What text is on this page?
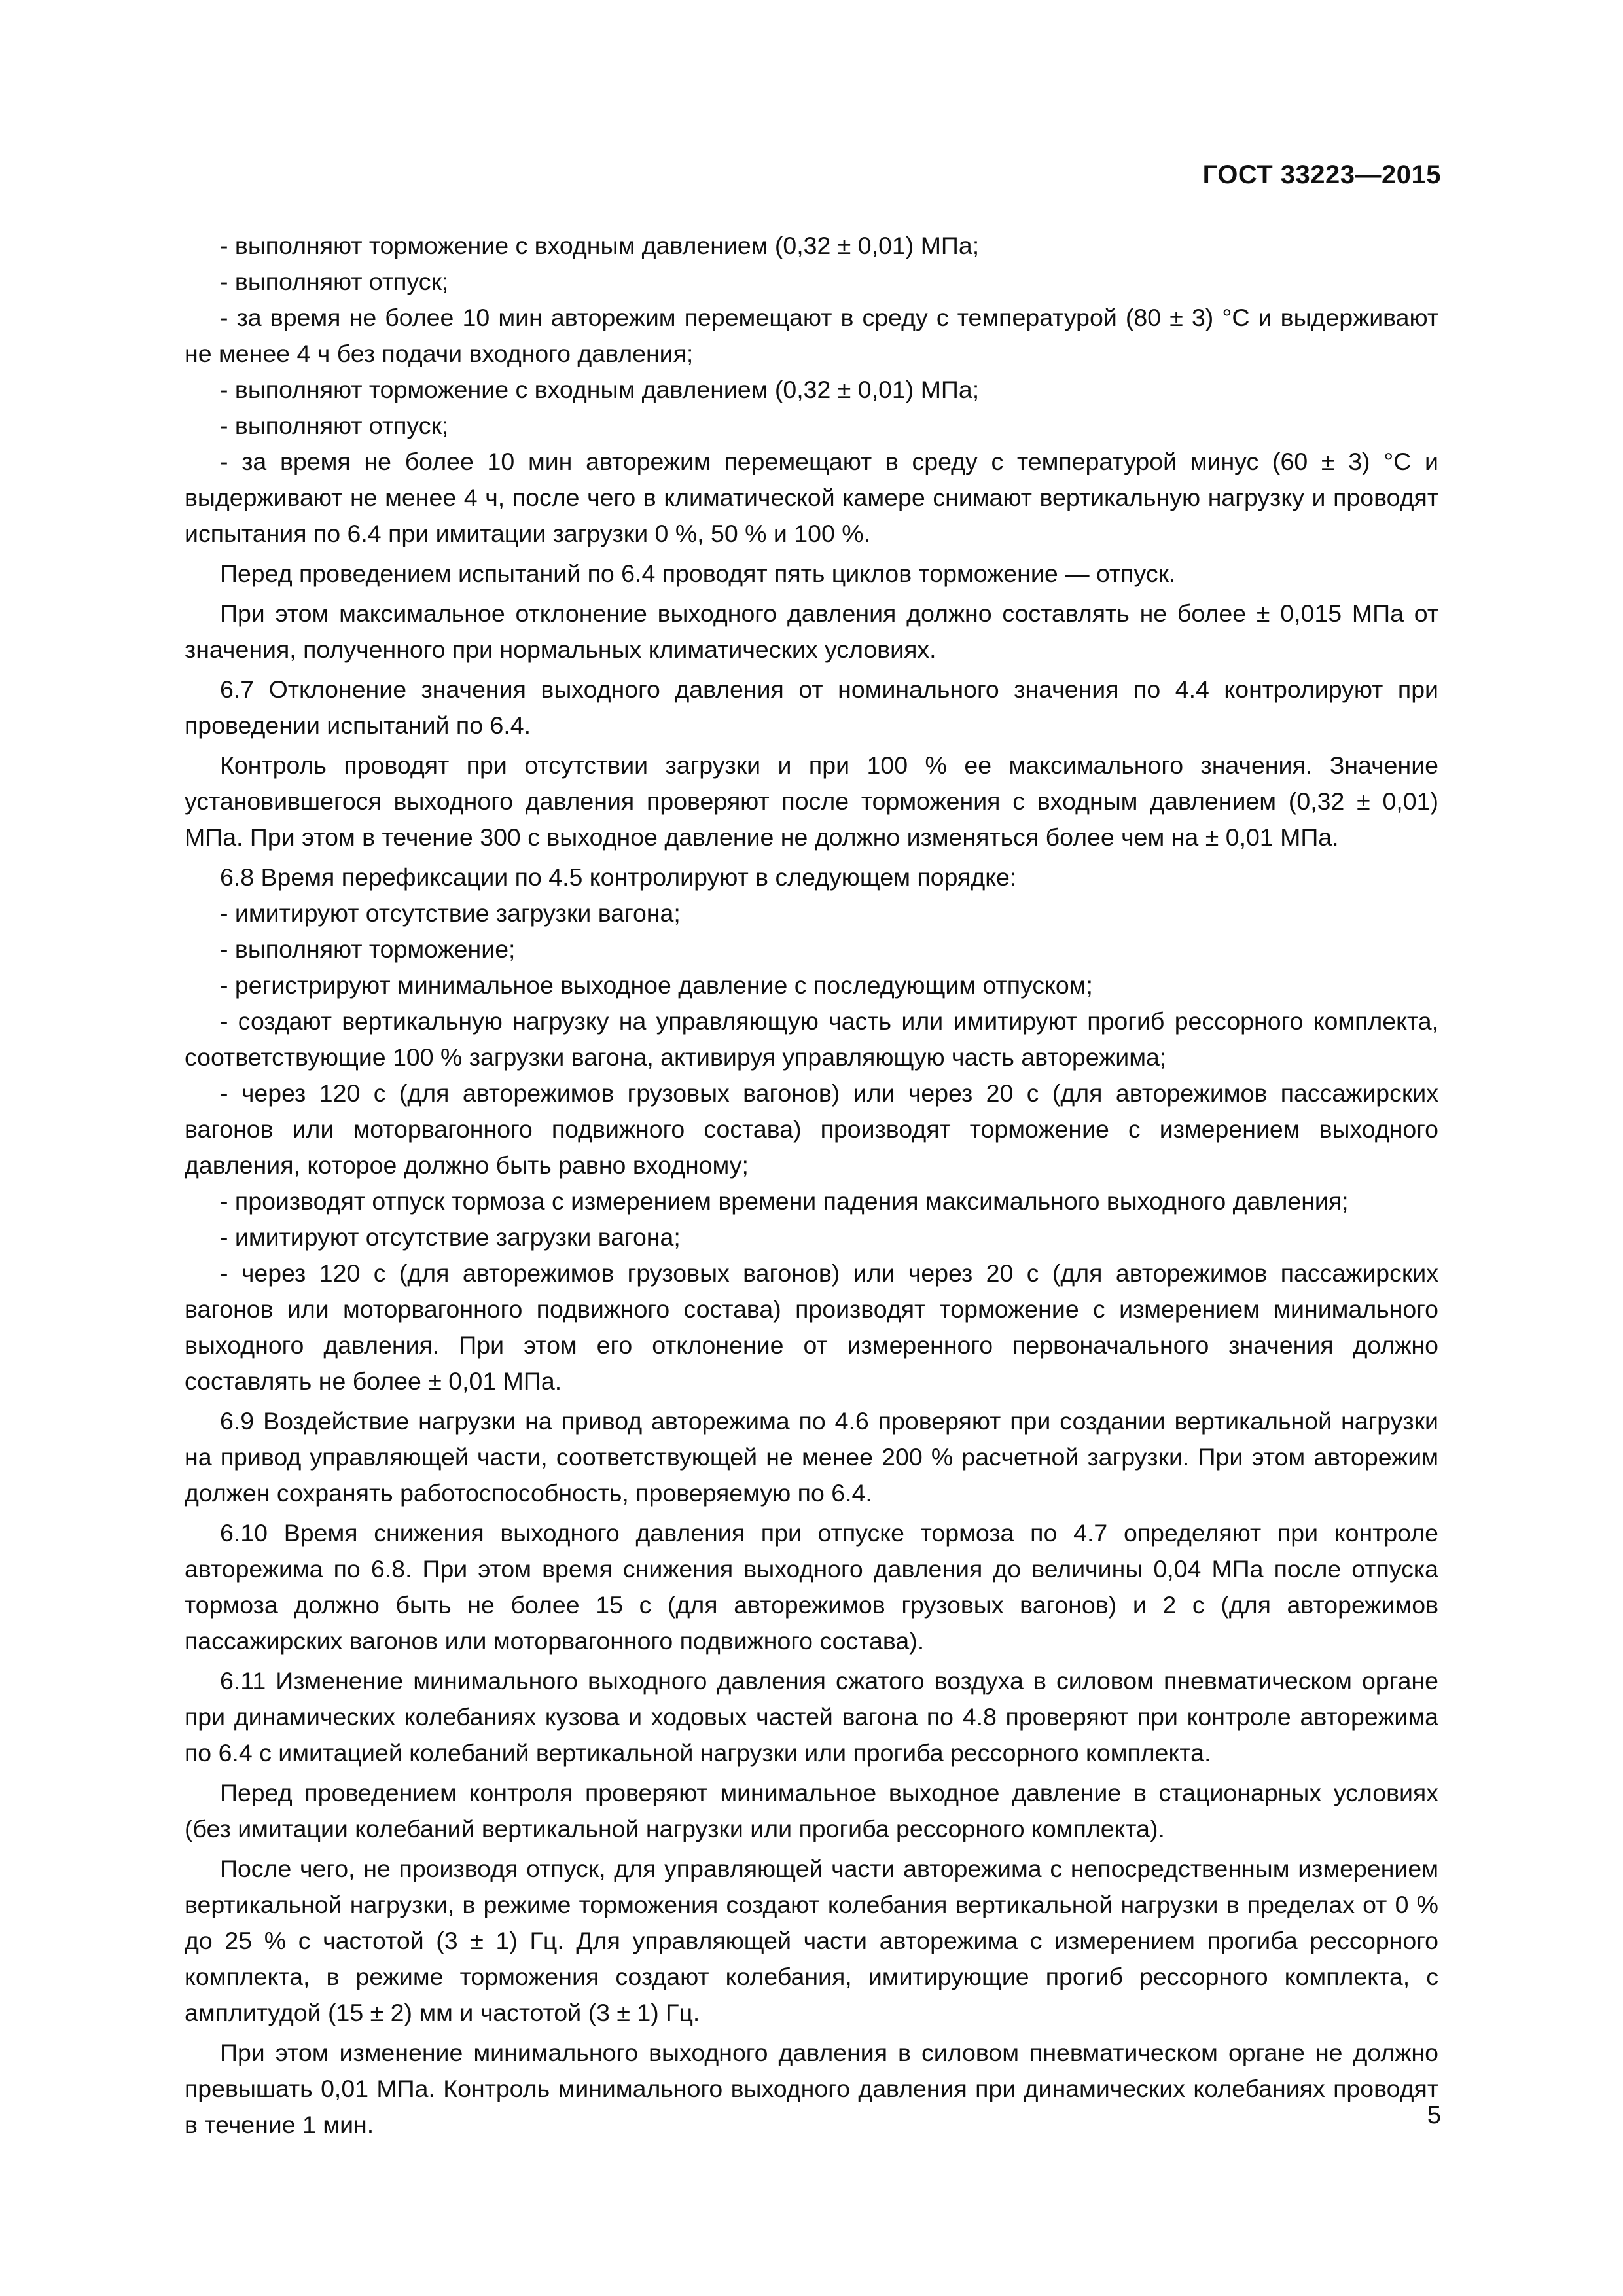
ГОСТ 33223—2015

- выполняют торможение с входным давлением (0,32 ± 0,01) МПа;

- выполняют отпуск;

- за время не более 10 мин авторежим перемещают в среду с температурой (80 ± 3) °С и выдерживают не менее 4 ч без подачи входного давления;

- выполняют торможение с входным давлением (0,32 ± 0,01) МПа;

- выполняют отпуск;

- за время не более 10 мин авторежим перемещают в среду с температурой минус (60 ± 3) °С и выдерживают не менее 4 ч, после чего в климатической камере снимают вертикальную нагрузку и проводят испытания по 6.4 при имитации загрузки 0 %, 50 % и 100 %.

Перед проведением испытаний по 6.4 проводят пять циклов торможение — отпуск.

При этом максимальное отклонение выходного давления должно составлять не более ± 0,015 МПа от значения, полученного при нормальных климатических условиях.

6.7 Отклонение значения выходного давления от номинального значения по 4.4 контролируют при проведении испытаний по 6.4.

Контроль проводят при отсутствии загрузки и при 100 % ее максимального значения. Значение установившегося выходного давления проверяют после торможения с входным давлением (0,32 ± 0,01) МПа. При этом в течение 300 с выходное давление не должно изменяться более чем на ± 0,01 МПа.

6.8 Время перефиксации по 4.5 контролируют в следующем порядке:

- имитируют отсутствие загрузки вагона;

- выполняют торможение;

- регистрируют минимальное выходное давление с последующим отпуском;

- создают вертикальную нагрузку на управляющую часть или имитируют прогиб рессорного комплекта, соответствующие 100 % загрузки вагона, активируя управляющую часть авторежима;

- через 120 с (для авторежимов грузовых вагонов) или через 20 с (для авторежимов пассажирских вагонов или моторвагонного подвижного состава) производят торможение с измерением выходного давления, которое должно быть равно входному;

- производят отпуск тормоза с измерением времени падения максимального выходного давления;

- имитируют отсутствие загрузки вагона;

- через 120 с (для авторежимов грузовых вагонов) или через 20 с (для авторежимов пассажирских вагонов или моторвагонного подвижного состава) производят торможение с измерением минимального выходного давления. При этом его отклонение от измеренного первоначального значения должно составлять не более ± 0,01 МПа.

6.9 Воздействие нагрузки на привод авторежима по 4.6 проверяют при создании вертикальной нагрузки на привод управляющей части, соответствующей не менее 200 % расчетной загрузки. При этом авторежим должен сохранять работоспособность, проверяемую по 6.4.

6.10 Время снижения выходного давления при отпуске тормоза по 4.7 определяют при контроле авторежима по 6.8. При этом время снижения выходного давления до величины 0,04 МПа после отпуска тормоза должно быть не более 15 с (для авторежимов грузовых вагонов) и 2 с (для авторежимов пассажирских вагонов или моторвагонного подвижного состава).

6.11 Изменение минимального выходного давления сжатого воздуха в силовом пневматическом органе при динамических колебаниях кузова и ходовых частей вагона по 4.8 проверяют при контроле авторежима по 6.4 с имитацией колебаний вертикальной нагрузки или прогиба рессорного комплекта.

Перед проведением контроля проверяют минимальное выходное давление в стационарных условиях (без имитации колебаний вертикальной нагрузки или прогиба рессорного комплекта).

После чего, не производя отпуск, для управляющей части авторежима с непосредственным измерением вертикальной нагрузки, в режиме торможения создают колебания вертикальной нагрузки в пределах от 0 % до 25 % с частотой (3 ± 1) Гц. Для управляющей части авторежима с измерением прогиба рессорного комплекта, в режиме торможения создают колебания, имитирующие прогиб рессорного комплекта, с амплитудой (15 ± 2) мм и частотой (3 ± 1) Гц.

При этом изменение минимального выходного давления в силовом пневматическом органе не должно превышать 0,01 МПа. Контроль минимального выходного давления при динамических колебаниях проводят в течение 1 мин.	5
